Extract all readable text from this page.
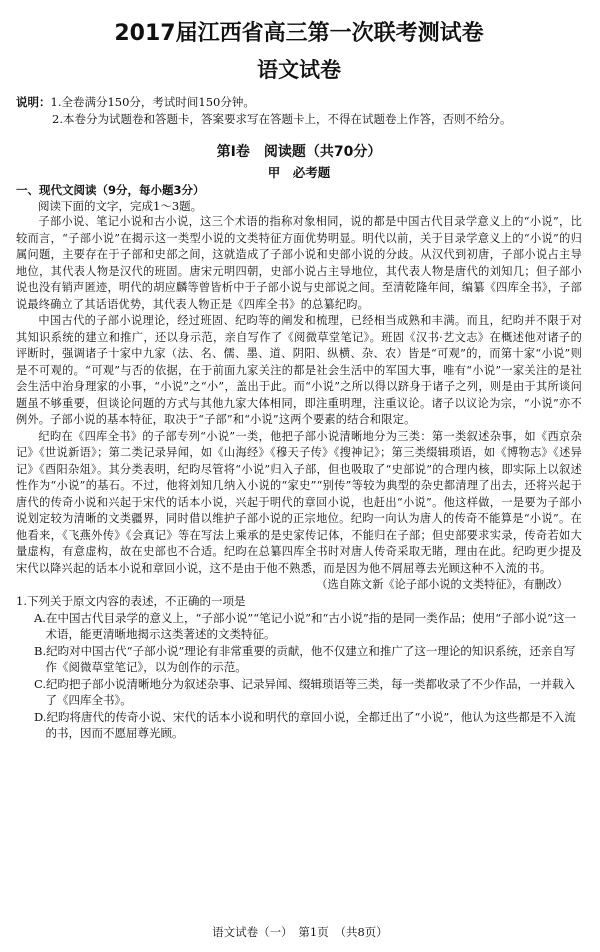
2017届江西省高三第一次联考测试卷
语文试卷
说明：1.全卷满分150分，考试时间150分钟。
2.本卷分为试题卷和答题卡，答案要求写在答题卡上，不得在试题卷上作答，否则不给分。
第Ⅰ卷　阅读题（共70分）
甲　必考题
一、现代文阅读（9分，每小题3分）
阅读下面的文字，完成1～3题。
子部小说、笔记小说和古小说，这三个术语的指称对象相同，说的都是中国古代目录学意义上的“小说”，比较而言，“子部小说”在揭示这一类型小说的文类特征方面优势明显。明代以前，关于目录学意义上的“小说”的归属问题，主要存在于子部和史部之间，这就造成了子部小说和史部小说的分歧。从汉代到初唐，子部小说占主导地位，其代表人物是汉代的班固。唐宋元明四朝，史部小说占主导地位，其代表人物是唐代的刘知几；但子部小说也没有销声匿迹，明代的胡应麟等曾皆析中于子部小说与史部说之间。至清乾隆年间，编纂《四库全书》，子部说最终确立了其话语优势，其代表人物正是《四库全书》的总纂纪昀。
中国古代的子部小说理论，经过班固、纪昀等的阐发和梳理，已经相当成熟和丰满。而且，纪昀并不限于对其知识系统的建立和推广，还以身示范，亲自写作了《阅微草堂笔记》。班固《汉书·艺文志》在概述他对诸子的评断时，强调诸子十家中九家（法、名、儒、墨、道、阴阳、纵横、杂、农）皆是“可观”的，而第十家“小说”则是不可观的。“可观”与否的依据，在于前面九家关注的都是社会生活中的军国大事，唯有“小说”一家关注的是社会生活中治身理家的小事，“小说”之“小”，盖出于此。而“小说”之所以得以跻身于诸子之列，则是由于其所谈问题虽不够重要，但谈论问题的方式与其他九家大体相同，即注重明理，注重议论。诸子以议论为宗，“小说”亦不例外。子部小说的基本特征，取决于“子部”和“小说”这两个要素的结合和限定。
纪昀在《四库全书》的子部专列“小说”一类，他把子部小说清晰地分为三类：第一类叙述杂事，如《西京杂记》《世说新语》；第二类记录异闻，如《山海经》《穆天子传》《搜神记》；第三类缀辑琐语，如《博物志》《述异记》《酉阳杂俎》。其分类表明，纪昀尽管将“小说”归入子部，但也吸取了“史部说”的合理内核，即实际上以叙述性作为“小说”的基石。不过，他将刘知几纳入小说的“家史”“别传”等较为典型的杂史都清理了出去，还将兴起于唐代的传奇小说和兴起于宋代的话本小说，兴起于明代的章回小说，也赶出“小说”。他这样做，一是要为子部小说划定较为清晰的文类疆界，同时借以维护子部小说的正宗地位。纪昀一向认为唐人的传奇不能算是“小说”。在他看来，《飞燕外传》《会真记》等在写法上乘承的是史家传记体，不能归在子部；但史部要求实录，传奇若如大量虚构，有意虚构，故在史部也不合适。纪昀在总纂四库全书时对唐人传奇采取无睹，理由在此。纪昀更少提及宋代以降兴起的话本小说和章回小说，这不是由于他不熟悉，而是因为他不屑屈尊去光顾这种不入流的书。
（选自陈文新《论子部小说的文类特征》，有删改）
1.下列关于原文内容的表述，不正确的一项是
A.在中国古代目录学的意义上，“子部小说”“笔记小说”和“古小说”指的是同一类作品；使用“子部小说”这一术语，能更清晰地揭示这类著述的文类特征。
B.纪昀对中国古代“子部小说”理论有非常重要的贡献，他不仅建立和推广了这一理论的知识系统，还亲自写作《阅微草堂笔记》，以为创作的示范。
C.纪昀把子部小说清晰地分为叙述杂事、记录异闻、缀辑琐语等三类，每一类都收录了不少作品，一并载入了《四库全书》。
D.纪昀将唐代的传奇小说、宋代的话本小说和明代的章回小说，全都迁出了“小说”，他认为这些都是不入流的书，因而不愿屈尊光顾。
语文试卷（一）　第1页　（共8页）
